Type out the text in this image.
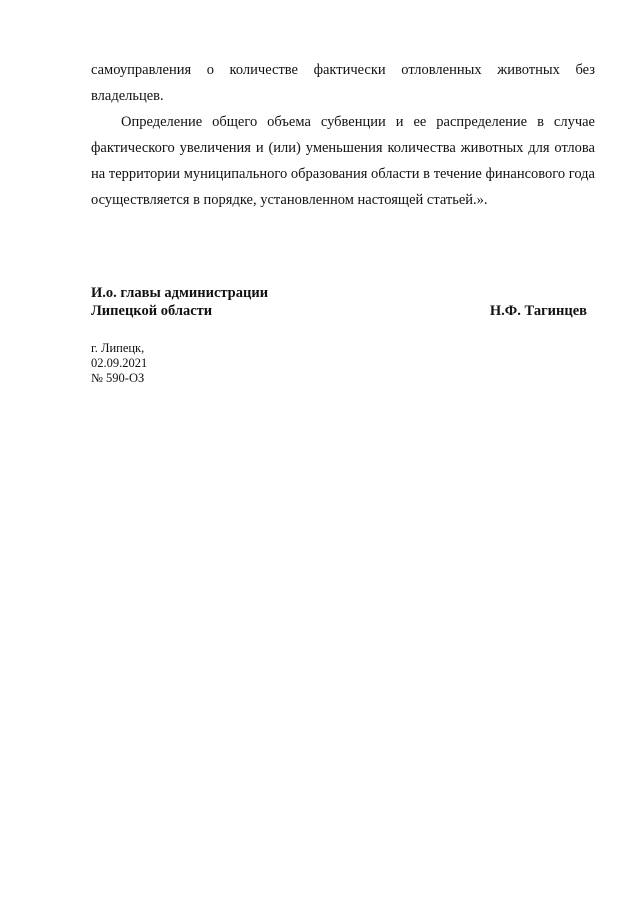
самоуправления о количестве фактически отловленных животных без владельцев.

Определение общего объема субвенции и ее распределение в случае фактического увеличения и (или) уменьшения количества животных для отлова на территории муниципального образования области в течение финансового года осуществляется в порядке, установленном настоящей статьей.».

И.о. главы администрации
Липецкой области	Н.Ф. Тагинцев
г. Липецк,
02.09.2021
№ 590-ОЗ
